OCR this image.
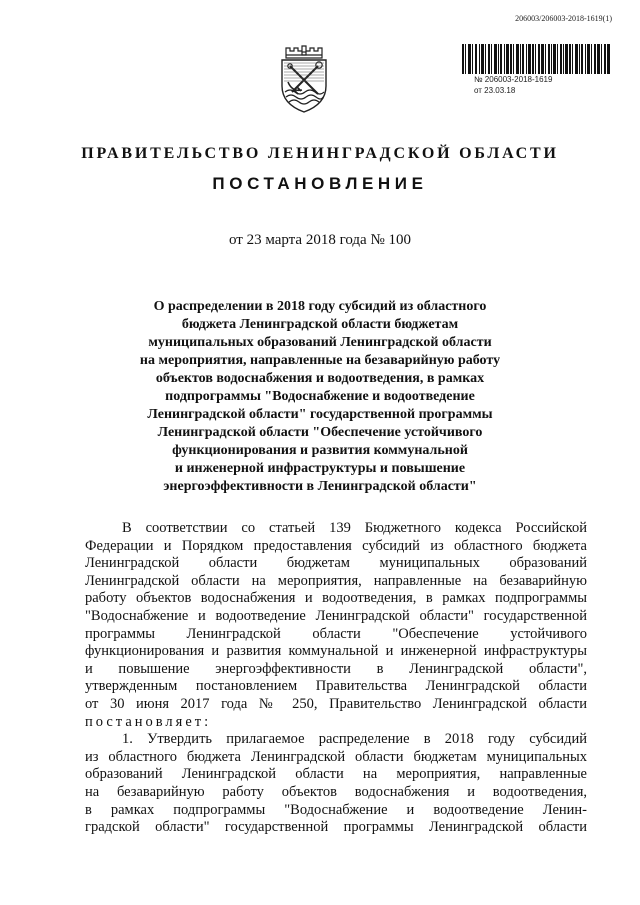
206003/206003-2018-1619(1)
№ 206003-2018-1619
от 23.03.18
ПРАВИТЕЛЬСТВО ЛЕНИНГРАДСКОЙ ОБЛАСТИ
ПОСТАНОВЛЕНИЕ
от 23 марта 2018 года № 100
О распределении в 2018 году субсидий из областного
бюджета Ленинградской области бюджетам
муниципальных образований Ленинградской области
на мероприятия, направленные на безаварийную работу
объектов водоснабжения и водоотведения, в рамках
подпрограммы "Водоснабжение и водоотведение
Ленинградской области" государственной программы
Ленинградской области "Обеспечение устойчивого
функционирования и развития коммунальной
и инженерной инфраструктуры и повышение
энергоэффективности в Ленинградской области"
В соответствии со статьей 139 Бюджетного кодекса Российской
Федерации и Порядком предоставления субсидий из областного бюджета
Ленинградской области бюджетам муниципальных образований
Ленинградской области на мероприятия, направленные на безаварийную
работу объектов водоснабжения и водоотведения, в рамках подпрограммы
"Водоснабжение и водоотведение Ленинградской области" государственной
программы Ленинградской области "Обеспечение устойчивого
функционирования и развития коммунальной и инженерной инфраструктуры
и повышение энергоэффективности в Ленинградской области",
утвержденным постановлением Правительства Ленинградской области
от 30 июня 2017 года № 250, Правительство Ленинградской области
постановляет:
1. Утвердить прилагаемое распределение в 2018 году субсидий
из областного бюджета Ленинградской области бюджетам муниципальных
образований Ленинградской области на мероприятия, направленные
на безаварийную работу объектов водоснабжения и водоотведения,
в рамках подпрограммы "Водоснабжение и водоотведение Ленин-
градской области" государственной программы Ленинградской области
